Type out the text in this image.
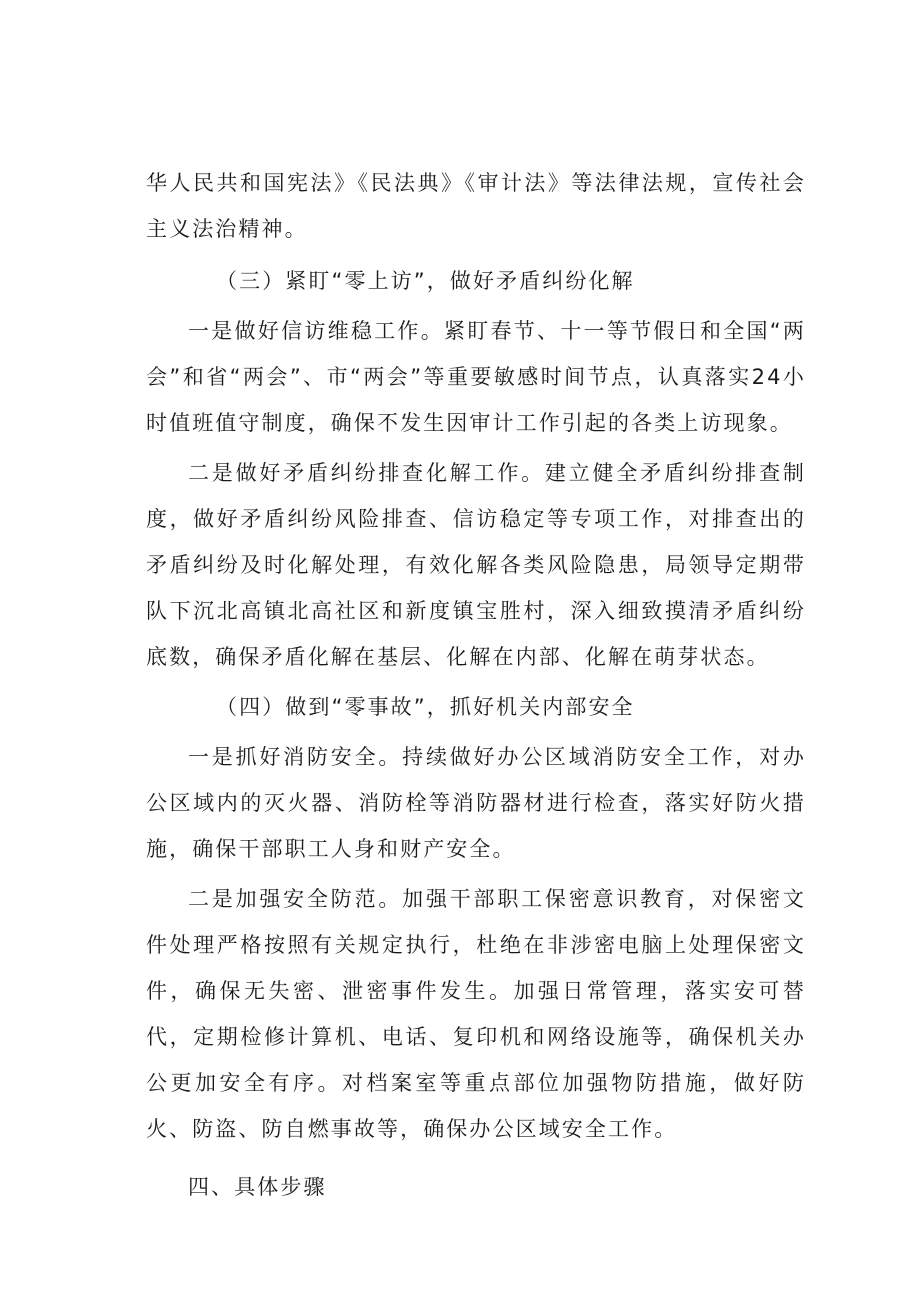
华人民共和国宪法》《民法典》《审计法》等法律法规，宣传社会主义法治精神。

（三）紧盯“零上访”，做好矛盾纠纷化解

一是做好信访维稳工作。紧盯春节、十一等节假日和全国“两会”和省“两会”、市“两会”等重要敏感时间节点，认真落实24小时值班值守制度，确保不发生因审计工作引起的各类上访现象。

二是做好矛盾纠纷排查化解工作。建立健全矛盾纠纷排查制度，做好矛盾纠纷风险排查、信访稳定等专项工作，对排查出的矛盾纠纷及时化解处理，有效化解各类风险隐患，局领导定期带队下沉北高镇北高社区和新度镇宝胜村，深入细致摸清矛盾纠纷底数，确保矛盾化解在基层、化解在内部、化解在萌芽状态。

（四）做到“零事故”，抓好机关内部安全

一是抓好消防安全。持续做好办公区域消防安全工作，对办公区域内的灭火器、消防栓等消防器材进行检查，落实好防火措施，确保干部职工人身和财产安全。

二是加强安全防范。加强干部职工保密意识教育，对保密文件处理严格按照有关规定执行，杜绝在非涉密电脑上处理保密文件，确保无失密、泄密事件发生。加强日常管理，落实安可替代，定期检修计算机、电话、复印机和网络设施等，确保机关办公更加安全有序。对档案室等重点部位加强物防措施，做好防火、防盗、防自燃事故等，确保办公区域安全工作。

四、具体步骤
